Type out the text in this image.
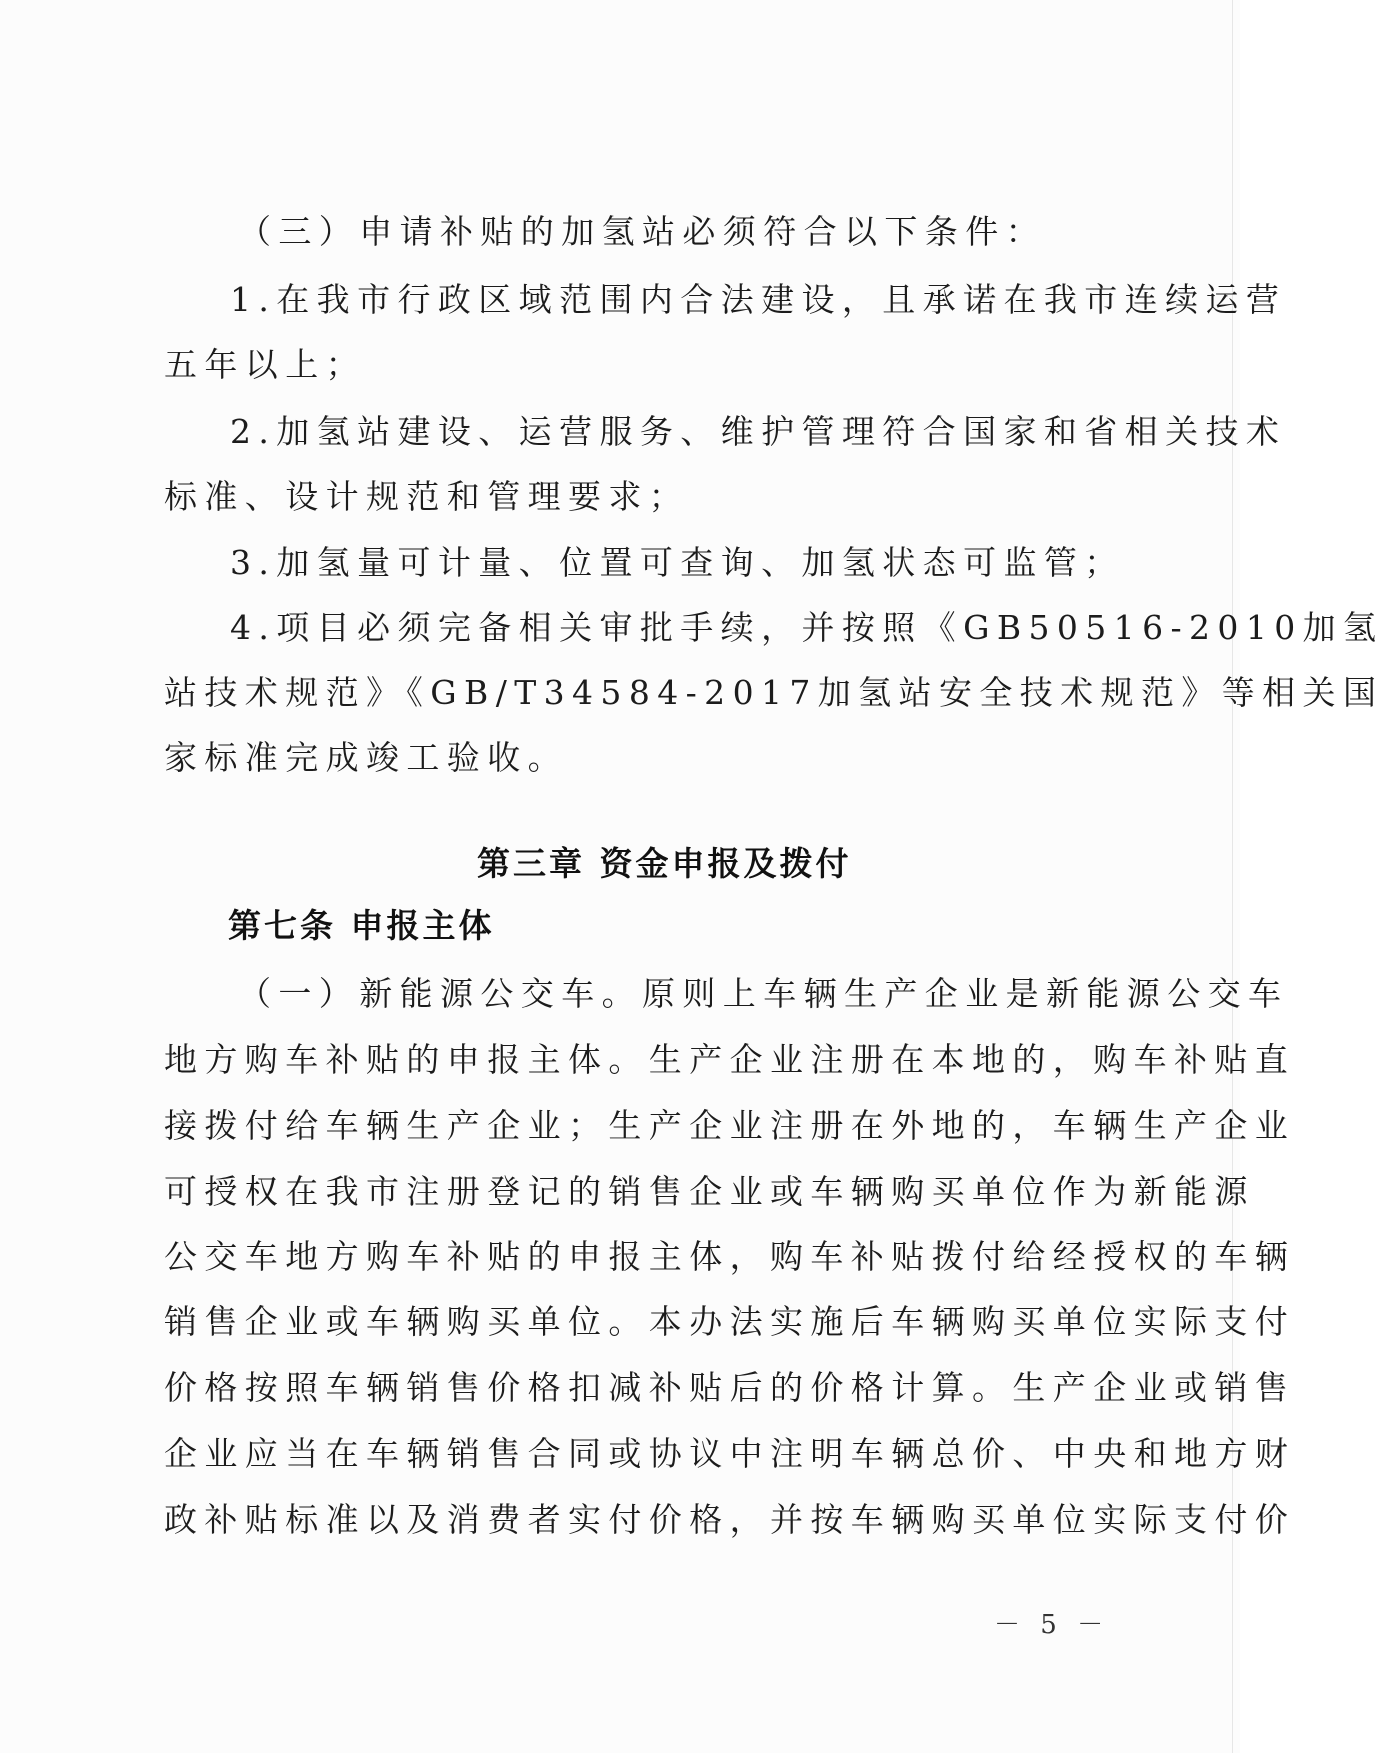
（三）申请补贴的加氢站必须符合以下条件：
1.在我市行政区域范围内合法建设，且承诺在我市连续运营
五年以上；
2.加氢站建设、运营服务、维护管理符合国家和省相关技术
标准、设计规范和管理要求；
3.加氢量可计量、位置可查询、加氢状态可监管；
4.项目必须完备相关审批手续，并按照《GB50516-2010加氢
站技术规范》《GB/T34584-2017加氢站安全技术规范》等相关国
家标准完成竣工验收。
第三章 资金申报及拨付
第七条 申报主体
（一）新能源公交车。原则上车辆生产企业是新能源公交车
地方购车补贴的申报主体。生产企业注册在本地的，购车补贴直
接拨付给车辆生产企业；生产企业注册在外地的，车辆生产企业
可授权在我市注册登记的销售企业或车辆购买单位作为新能源
公交车地方购车补贴的申报主体，购车补贴拨付给经授权的车辆
销售企业或车辆购买单位。本办法实施后车辆购买单位实际支付
价格按照车辆销售价格扣减补贴后的价格计算。生产企业或销售
企业应当在车辆销售合同或协议中注明车辆总价、中央和地方财
政补贴标准以及消费者实付价格，并按车辆购买单位实际支付价
－ 5 －
